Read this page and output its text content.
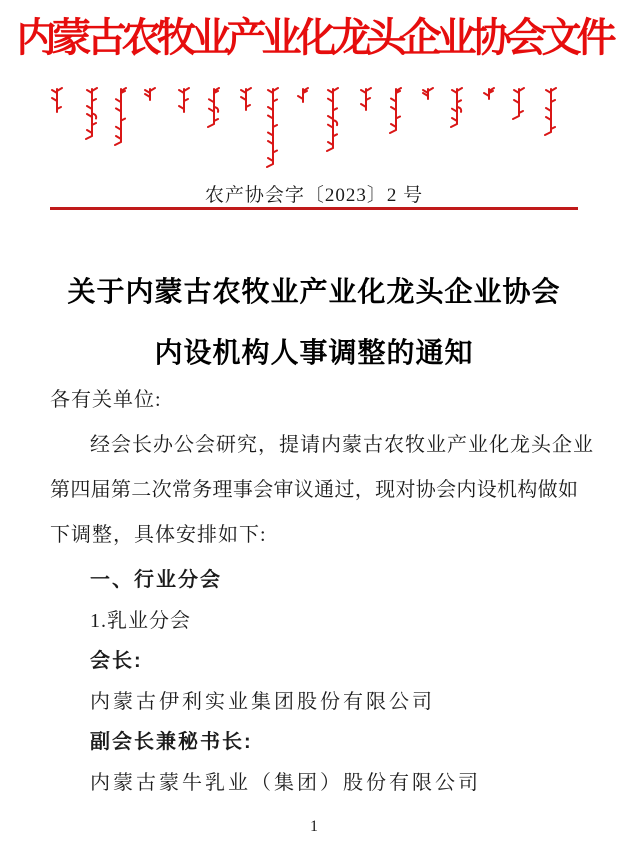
内蒙古农牧业产业化龙头企业协会文件
农产协会字〔2023〕2 号
关于内蒙古农牧业产业化龙头企业协会
内设机构人事调整的通知
各有关单位:
经会长办公会研究，提请内蒙古农牧业产业化龙头企业
第四届第二次常务理事会审议通过，现对协会内设机构做如
下调整，具体安排如下:
一、行业分会
1.乳业分会
会长:
内蒙古伊利实业集团股份有限公司
副会长兼秘书长:
内蒙古蒙牛乳业（集团）股份有限公司
1
